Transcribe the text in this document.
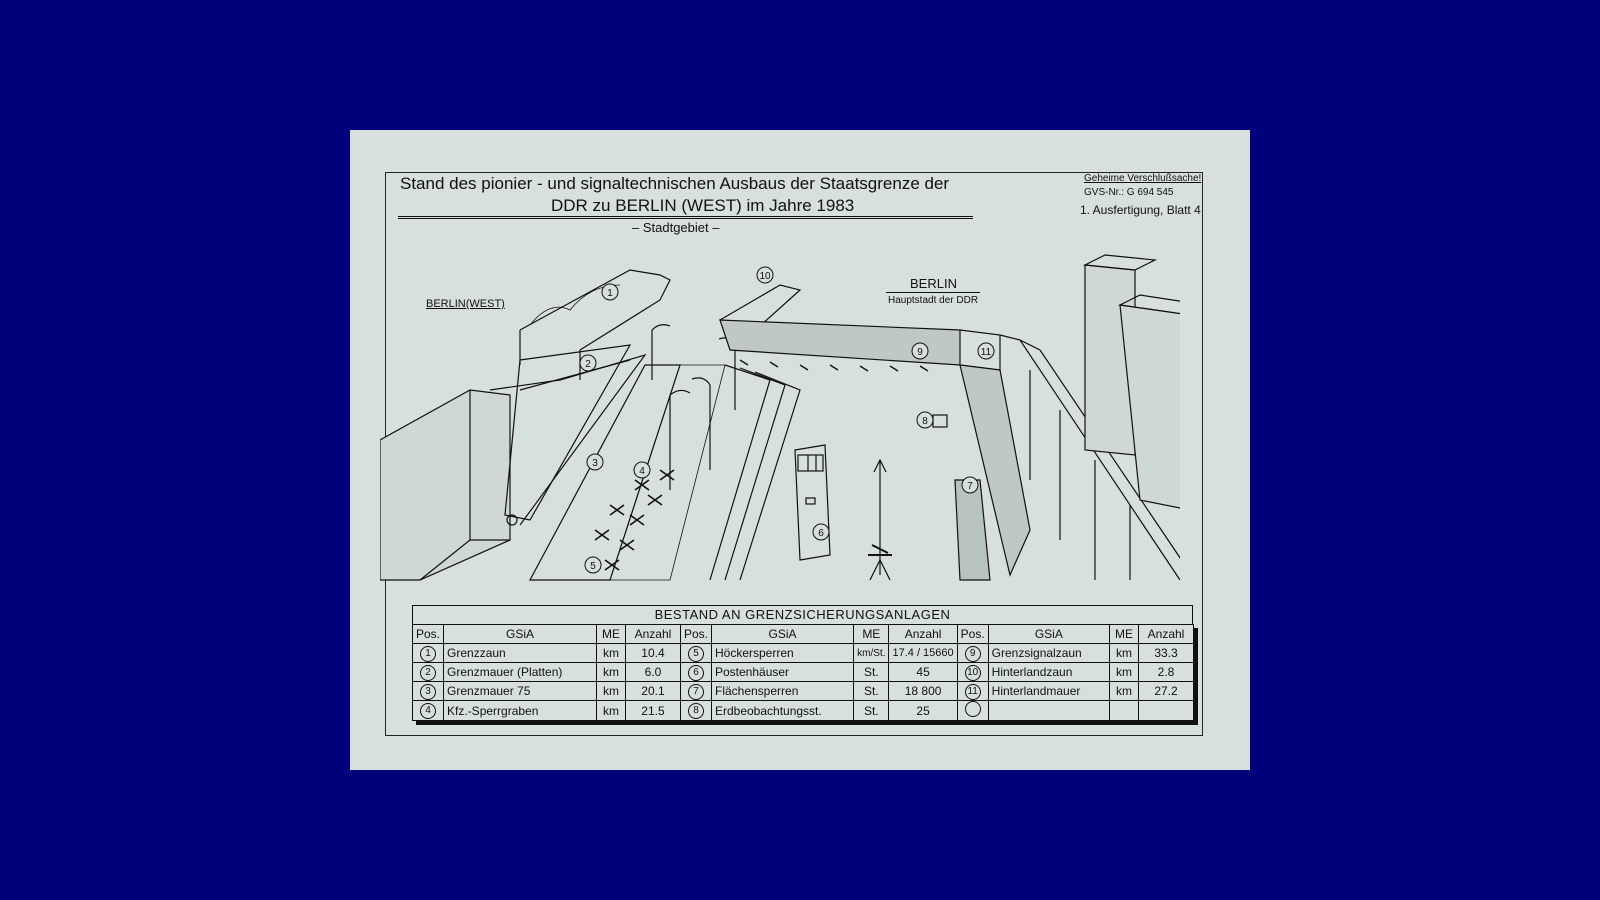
Stand des pionier - und signaltechnischen Ausbaus der Staatsgrenze der
DDR zu BERLIN (WEST) im Jahre 1983
– Stadtgebiet –
Geheime Verschlußsache!
GVS-Nr.: G 694 545
1. Ausfertigung, Blatt 4
1
2
3
4
5
6
7
8
9
10
11
BERLIN(WEST)
BERLIN
Hauptstadt der DDR
BESTAND AN GRENZSICHERUNGSANLAGEN
Pos.	GSiA	ME	Anzahl	Pos.	GSiA	ME	Anzahl	Pos.	GSiA	ME	Anzahl
1	Grenzzaun	km	10.4	5	Höckersperren	km/St.	17.4 / 15660	9	Grenzsignalzaun	km	33.3
2	Grenzmauer (Platten)	km	6.0	6	Postenhäuser	St.	45	10	Hinterlandzaun	km	2.8
3	Grenzmauer 75	km	20.1	7	Flächensperren	St.	18 800	11	Hinterlandmauer	km	27.2
4	Kfz.-Sperrgraben	km	21.5	8	Erdbeobachtungsst.	St.	25				
